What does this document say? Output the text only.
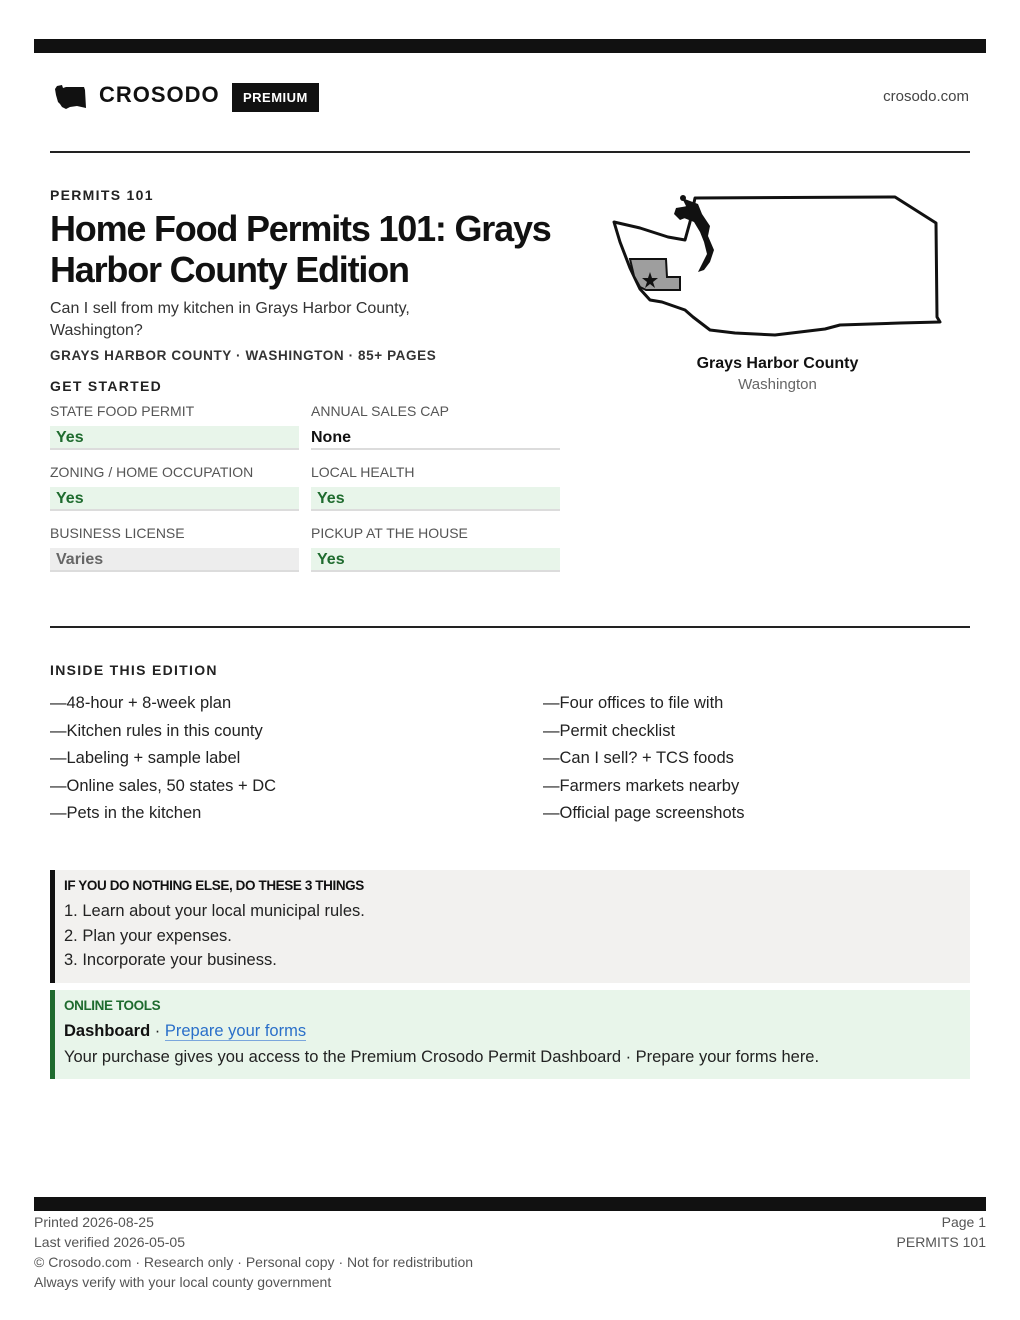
CROSODO	PREMIUM	crosodo.com
PERMITS 101
Home Food Permits 101: Grays Harbor County Edition
Can I sell from my kitchen in Grays Harbor County, Washington?
GRAYS HARBOR COUNTY · WASHINGTON · 85+ PAGES
GET STARTED
STATE FOOD PERMIT
Yes
ANNUAL SALES CAP
None
ZONING / HOME OCCUPATION
Yes
LOCAL HEALTH
Yes
BUSINESS LICENSE
Varies
PICKUP AT THE HOUSE
Yes
Grays Harbor County
Washington
INSIDE THIS EDITION
—48-hour + 8-week plan
—Kitchen rules in this county
—Labeling + sample label
—Online sales, 50 states + DC
—Pets in the kitchen
—Four offices to file with
—Permit checklist
—Can I sell? + TCS foods
—Farmers markets nearby
—Official page screenshots
IF YOU DO NOTHING ELSE, DO THESE 3 THINGS
1. Learn about your local municipal rules.
2. Plan your expenses.
3. Incorporate your business.
ONLINE TOOLS
Dashboard · Prepare your forms
Your purchase gives you access to the Premium Crosodo Permit Dashboard · Prepare your forms here.
Printed 2026-08-25
Last verified 2026-05-05
© Crosodo.com · Research only · Personal copy · Not for redistribution
Always verify with your local county government
Page 1
PERMITS 101
